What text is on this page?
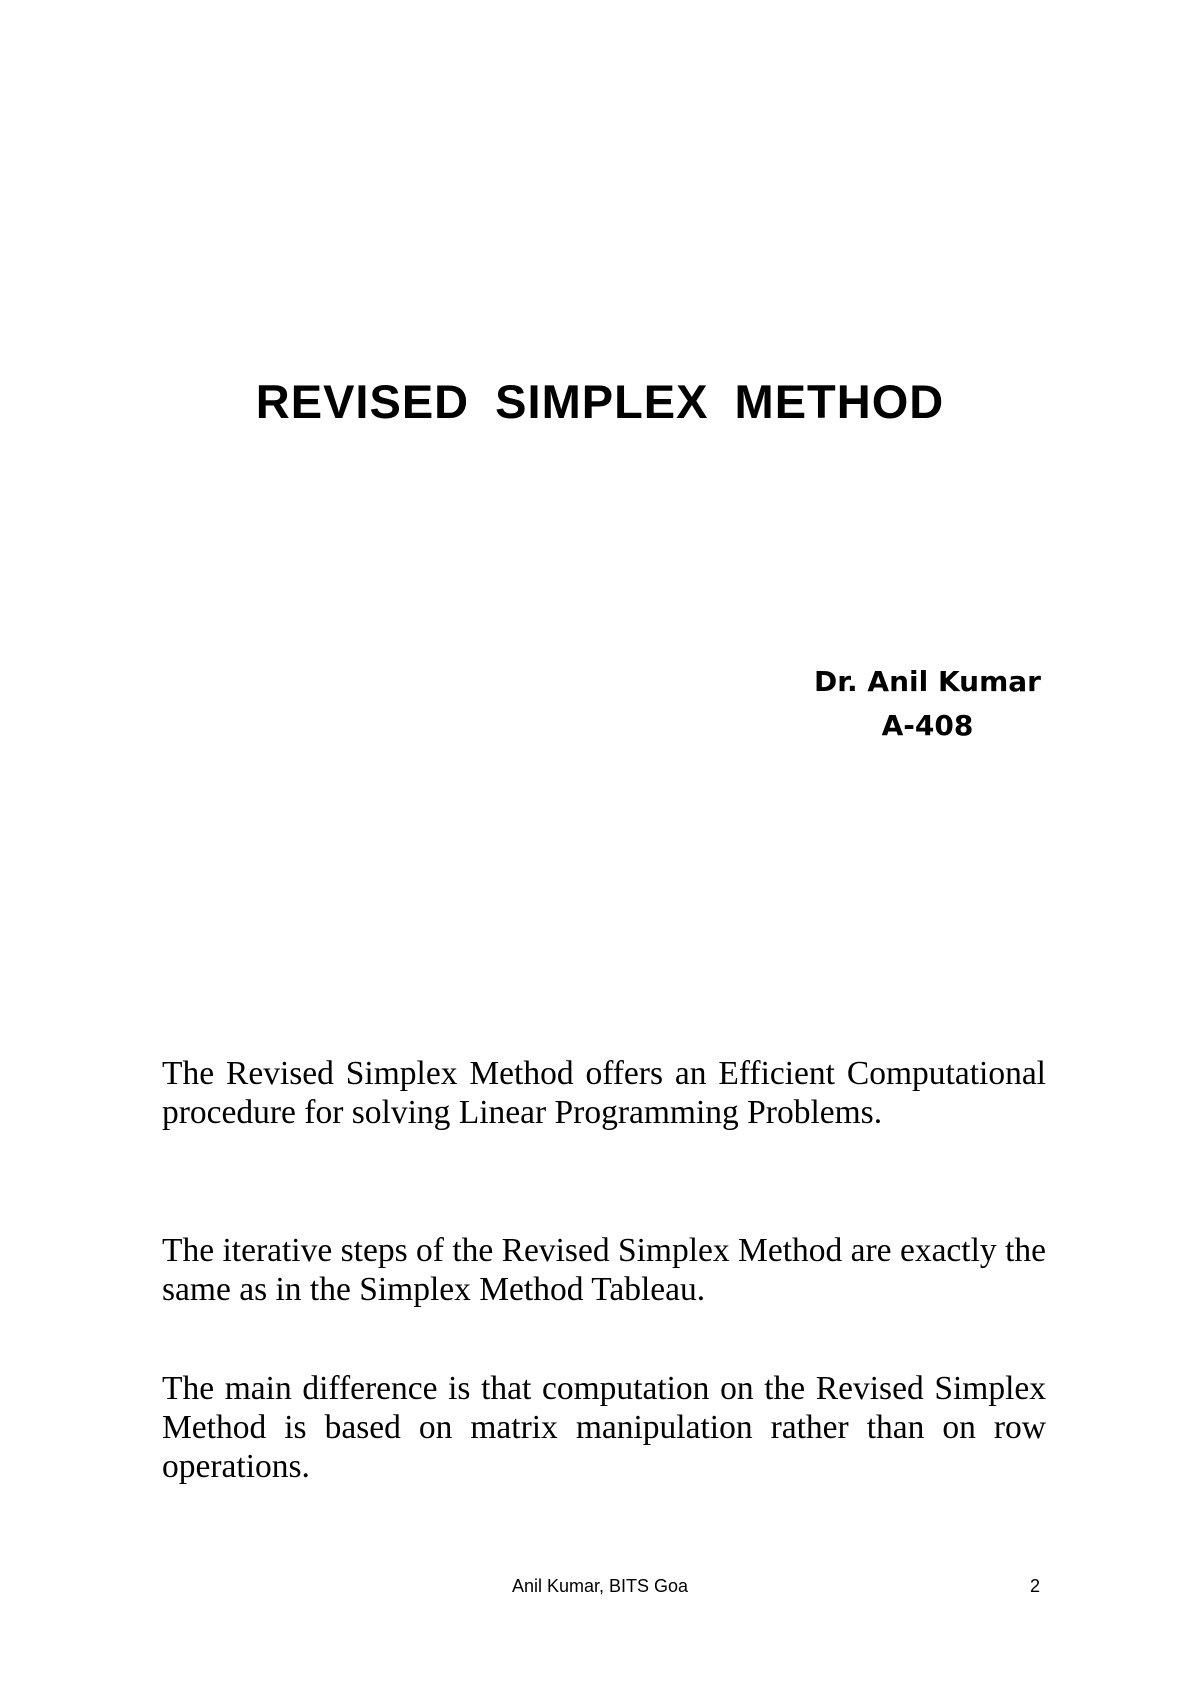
REVISED SIMPLEX METHOD
Dr. Anil Kumar
A-408

The Revised Simplex Method offers an Efficient Computational procedure for solving Linear Programming Problems.

The iterative steps of the Revised Simplex Method are exactly the same as in the Simplex Method Tableau.

The main difference is that computation on the Revised Simplex Method is based on matrix manipulation rather than on row operations.

Anil Kumar, BITS Goa	2
